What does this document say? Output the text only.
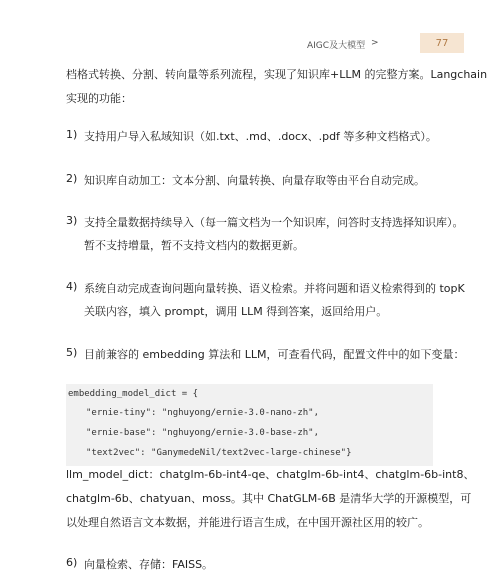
AIGC及大模型 >	77
档格式转换、分割、转向量等系列流程，实现了知识库+LLM 的完整方案。Langchain
实现的功能：
1) 支持用户导入私域知识（如.txt、.md、.docx、.pdf 等多种文档格式）。
2) 知识库自动加工：文本分割、向量转换、向量存取等由平台自动完成。
3) 支持全量数据持续导入（每一篇文档为一个知识库，问答时支持选择知识库）。
暂不支持增量，暂不支持文档内的数据更新。
4) 系统自动完成查询问题向量转换、语义检索。并将问题和语义检索得到的 topK
关联内容，填入 prompt，调用 LLM 得到答案，返回给用户。
5) 目前兼容的 embedding 算法和 LLM，可查看代码，配置文件中的如下变量：
embedding_model_dict = {
"ernie-tiny": "nghuyong/ernie-3.0-nano-zh",
"ernie-base": "nghuyong/ernie-3.0-base-zh",
"text2vec": "GanymedeNil/text2vec-large-chinese"}
llm_model_dict：chatglm-6b-int4-qe、chatglm-6b-int4、chatglm-6b-int8、
chatglm-6b、chatyuan、moss。其中 ChatGLM-6B 是清华大学的开源模型，可
以处理自然语言文本数据，并能进行语言生成，在中国开源社区用的较广。
6) 向量检索、存储：FAISS。
